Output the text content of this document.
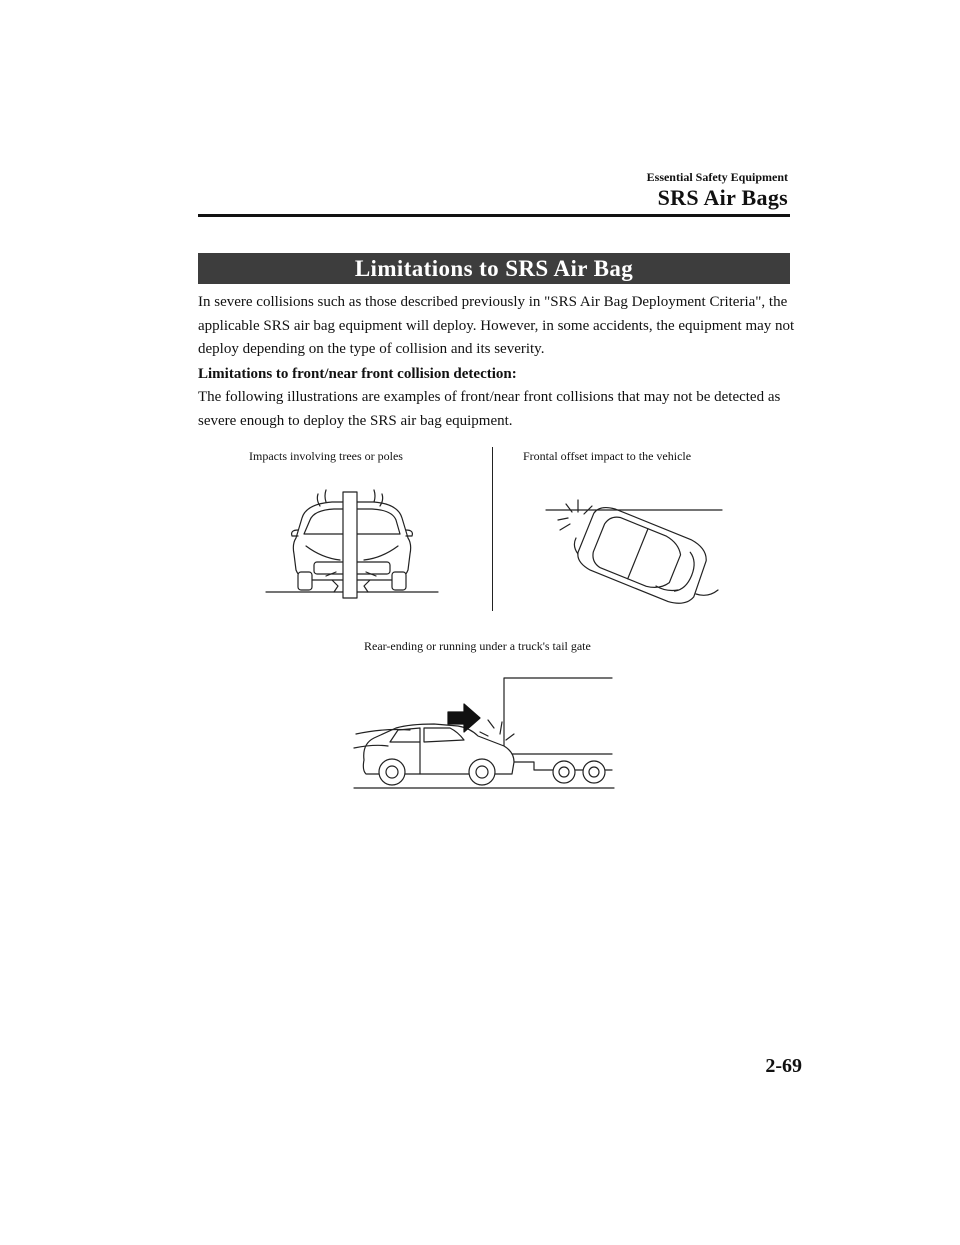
Essential Safety Equipment
SRS Air Bags
Limitations to SRS Air Bag

In severe collisions such as those described previously in "SRS Air Bag Deployment Criteria", the applicable SRS air bag equipment will deploy. However, in some accidents, the equipment may not deploy depending on the type of collision and its severity.

Limitations to front/near front collision detection:

The following illustrations are examples of front/near front collisions that may not be detected as severe enough to deploy the SRS air bag equipment.

Impacts involving trees or poles	Frontal offset impact to the vehicle
Rear-ending or running under a truck's tail gate
2-69
